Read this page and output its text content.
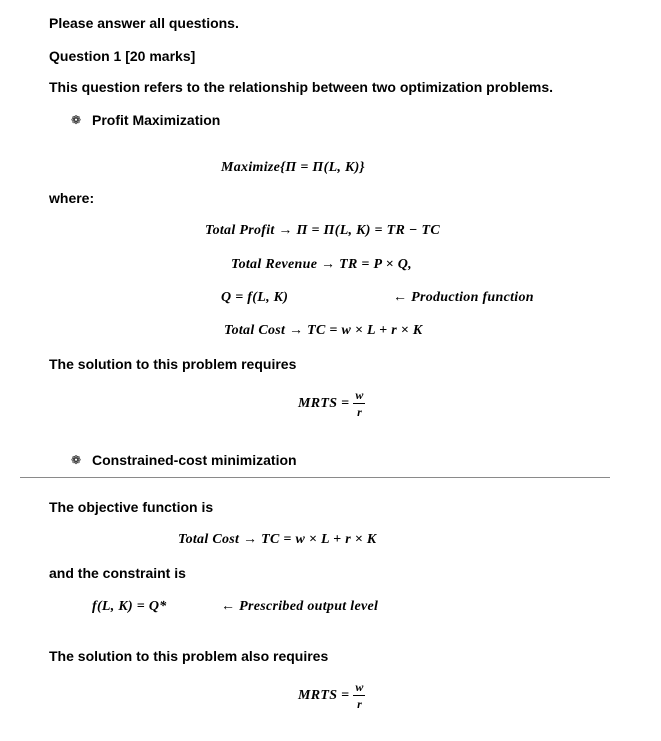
Please answer all questions.
Question 1 [20 marks]
This question refers to the relationship between two optimization problems.
❁ Profit Maximization
Maximize{Π = Π(L, K)}
where:
Total Profit → Π = Π(L, K) = TR − TC
Total Revenue → TR = P × Q,
Q = f(L, K)	← Production function
Total Cost → TC = w × L + r × K
The solution to this problem requires
MRTS = $\frac{w}{r}$
❁ Constrained-cost minimization
The objective function is
Total Cost → TC = w × L + r × K
and the constraint is
f(L, K) = Q*	← Prescribed output level
The solution to this problem also requires
MRTS = $\frac{w}{r}$
